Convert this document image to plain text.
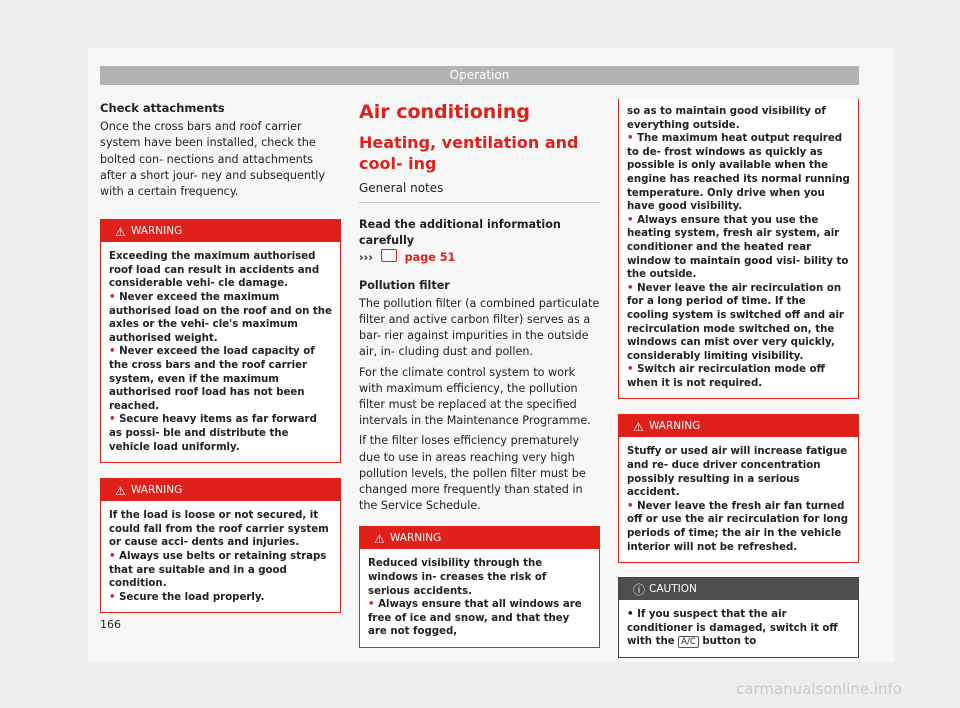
Operation

Check attachments

Once the cross bars and roof carrier system have been installed, check the bolted con- nections and attachments after a short jour- ney and subsequently with a certain frequency.

⚠ WARNING

Exceeding the maximum authorised roof load can result in accidents and considerable vehi- cle damage.

• Never exceed the maximum authorised load on the roof and on the axles or the vehi- cle's maximum authorised weight.

• Never exceed the load capacity of the cross bars and the roof carrier system, even if the maximum authorised roof load has not been reached.

• Secure heavy items as far forward as possi- ble and distribute the vehicle load uniformly.

⚠ WARNING

If the load is loose or not secured, it could fall from the roof carrier system or cause acci- dents and injuries.

• Always use belts or retaining straps that are suitable and in a good condition.

• Secure the load properly.

Air conditioning
Heating, ventilation and cool- ing
General notes

Read the additional information carefully

›››	page 51

Pollution filter

The pollution filter (a combined particulate filter and active carbon filter) serves as a bar- rier against impurities in the outside air, in- cluding dust and pollen.

For the climate control system to work with maximum efficiency, the pollution filter must be replaced at the specified intervals in the Maintenance Programme.

If the filter loses efficiency prematurely due to use in areas reaching very high pollution levels, the pollen filter must be changed more frequently than stated in the Service Schedule.

⚠ WARNING

Reduced visibility through the windows in- creases the risk of serious accidents.

• Always ensure that all windows are free of ice and snow, and that they are not fogged,

so as to maintain good visibility of everything outside.

• The maximum heat output required to de- frost windows as quickly as possible is only available when the engine has reached its normal running temperature. Only drive when you have good visibility.

• Always ensure that you use the heating system, fresh air system, air conditioner and the heated rear window to maintain good visi- bility to the outside.

• Never leave the air recirculation on for a long period of time. If the cooling system is switched off and air recirculation mode switched on, the windows can mist over very quickly, considerably limiting visibility.

• Switch air recirculation mode off when it is not required.

⚠ WARNING

Stuffy or used air will increase fatigue and re- duce driver concentration possibly resulting in a serious accident.

• Never leave the fresh air fan turned off or use the air recirculation for long periods of time; the air in the vehicle interior will not be refreshed.

ⓘ CAUTION

• If you suspect that the air conditioner is damaged, switch it off with the A/C button to

166
carmanualsonline.info
